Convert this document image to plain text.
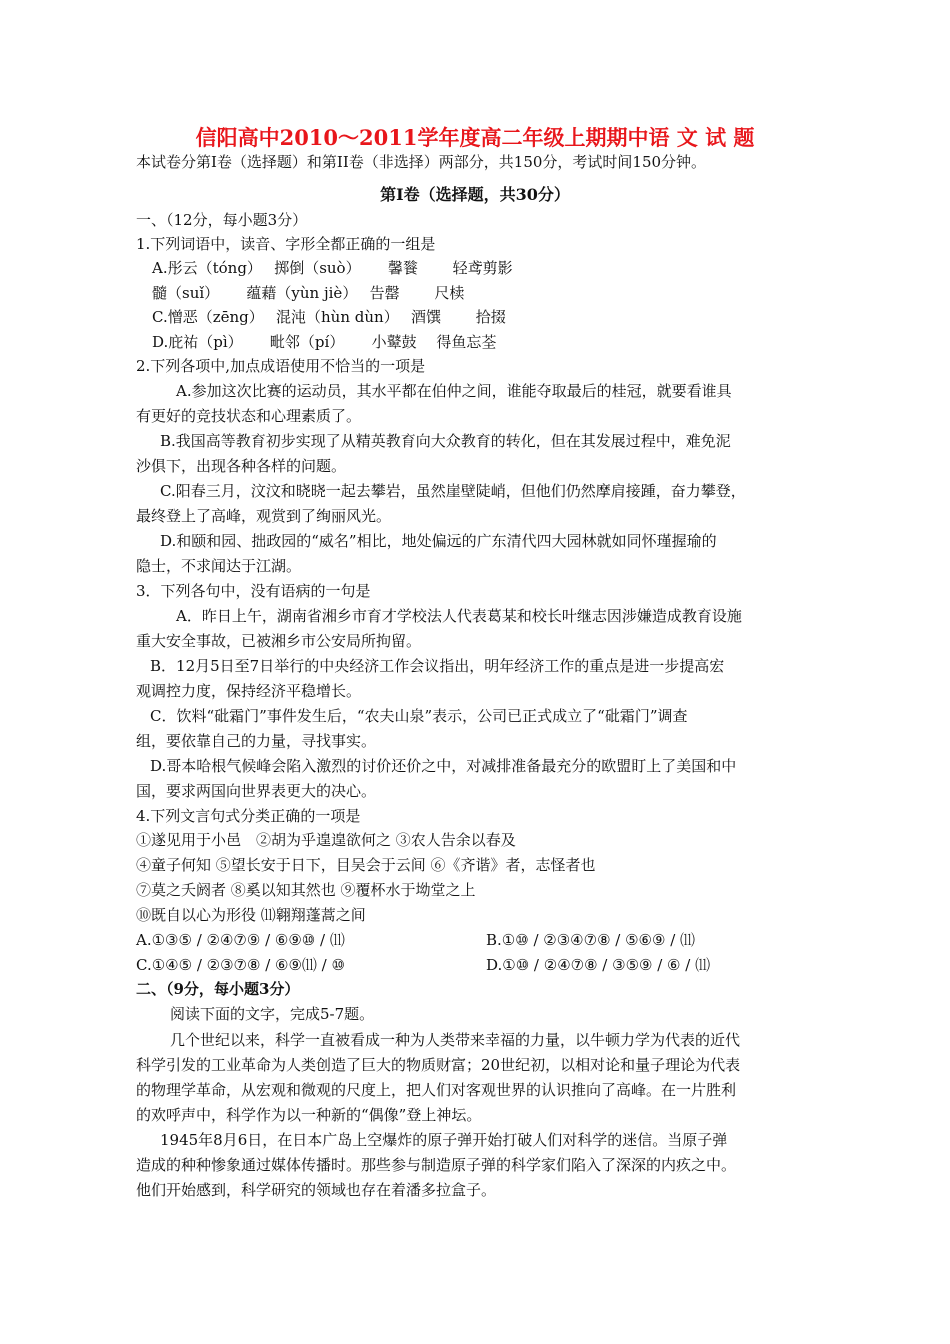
信阳高中2010～2011学年度高二年级上期期中语 文 试 题
本试卷分第I卷（选择题）和第II卷（非选择）两部分，共150分，考试时间150分钟。
第I卷（选择题，共30分）
一、（12分，每小题3分）
1.下列词语中，读音、字形全都正确的一组是
A.彤云（tóng）　 掷倒（suò）　　 馨餮　　 轻鸢剪影
髓（suǐ）　　 蕴藉（yùn jiè）　 告罄　　 尺椟
C.憎恶（zēng）　 混沌（hùn dùn）　 酒馔　　 拾掇
D.庇祐（pì）　　 毗邻（pí）　　 小鼙鼓　 得鱼忘荃
2.下列各项中,加点成语使用不恰当的一项是
A.参加这次比赛的运动员，其水平都在伯仲之间，谁能夺取最后的桂冠，就要看谁具
有更好的竞技状态和心理素质了。
B.我国高等教育初步实现了从精英教育向大众教育的转化，但在其发展过程中，难免泥
沙俱下，出现各种各样的问题。
C.阳春三月，汶汶和晓晓一起去攀岩，虽然崖壁陡峭，但他们仍然摩肩接踵，奋力攀登，
最终登上了高峰，观赏到了绚丽风光。
D.和颐和园、拙政园的“威名”相比，地处偏远的广东清代四大园林就如同怀瑾握瑜的
隐士，不求闻达于江湖。
3．下列各句中，没有语病的一句是
A．昨日上午，湖南省湘乡市育才学校法人代表葛某和校长叶继志因涉嫌造成教育设施
重大安全事故，已被湘乡市公安局所拘留。
B．12月5日至7日举行的中央经济工作会议指出，明年经济工作的重点是进一步提高宏
观调控力度，保持经济平稳增长。
C．饮料“砒霜门”事件发生后，“农夫山泉”表示，公司已正式成立了“砒霜门”调查
组，要依靠自己的力量，寻找事实。
D.哥本哈根气候峰会陷入激烈的讨价还价之中，对减排准备最充分的欧盟盯上了美国和中
国，要求两国向世界表更大的决心。
4.下列文言句式分类正确的一项是
①遂见用于小邑　②胡为乎遑遑欲何之 ③农人告余以春及
④童子何知 ⑤望长安于日下，目吴会于云间 ⑥《齐谐》者，志怪者也
⑦莫之夭阏者 ⑧奚以知其然也 ⑨覆杯水于坳堂之上
⑩既自以心为形役 ⑾翱翔蓬蒿之间
A.①③⑤ / ②④⑦⑨ / ⑥⑨⑩ / ⑾	B.①⑩ / ②③④⑦⑧ / ⑤⑥⑨ / ⑾
C.①④⑤ / ②③⑦⑧ / ⑥⑨⑾ / ⑩	D.①⑩ / ②④⑦⑧ / ③⑤⑨ / ⑥ / ⑾
二、（9分，每小题3分）
阅读下面的文字，完成5-7题。
几个世纪以来，科学一直被看成一种为人类带来幸福的力量，以牛顿力学为代表的近代
科学引发的工业革命为人类创造了巨大的物质财富；20世纪初，以相对论和量子理论为代表
的物理学革命，从宏观和微观的尺度上，把人们对客观世界的认识推向了高峰。在一片胜利
的欢呼声中，科学作为以一种新的“偶像”登上神坛。
1945年8月6日，在日本广岛上空爆炸的原子弹开始打破人们对科学的迷信。当原子弹
造成的种种惨象通过媒体传播时。那些参与制造原子弹的科学家们陷入了深深的内疚之中。
他们开始感到，科学研究的领域也存在着潘多拉盒子。
